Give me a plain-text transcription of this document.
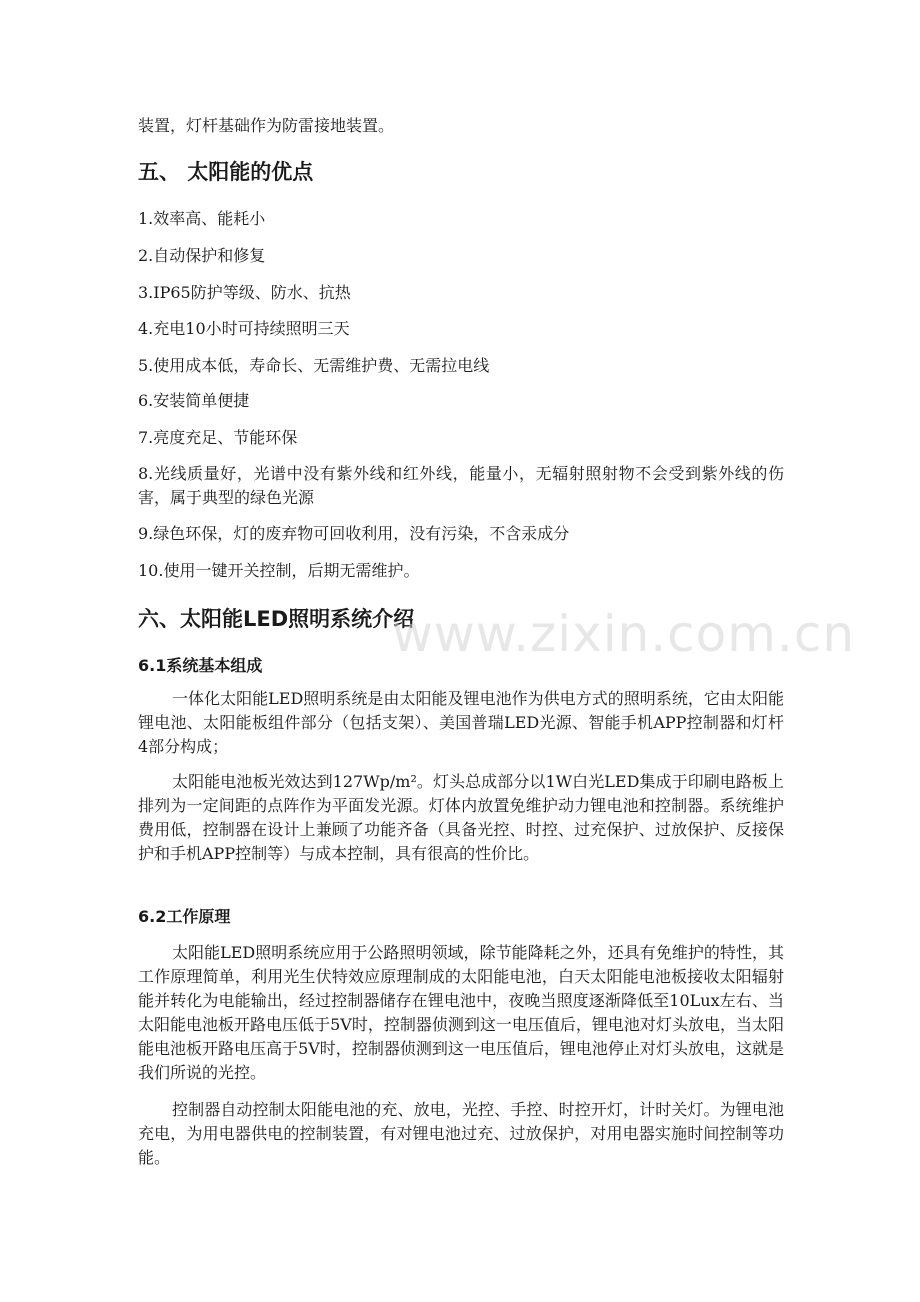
装置，灯杆基础作为防雷接地装置。
五、 太阳能的优点
1.效率高、能耗小
2.自动保护和修复
3.IP65防护等级、防水、抗热
4.充电10小时可持续照明三天
5.使用成本低，寿命长、无需维护费、无需拉电线
6.安装简单便捷
7.亮度充足、节能环保
8.光线质量好，光谱中没有紫外线和红外线，能量小，无辐射照射物不会受到紫外线的伤害，属于典型的绿色光源
9.绿色环保，灯的废弃物可回收利用，没有污染，不含汞成分
10.使用一键开关控制，后期无需维护。
六、太阳能LED照明系统介绍
6.1系统基本组成
一体化太阳能LED照明系统是由太阳能及锂电池作为供电方式的照明系统，它由太阳能锂电池、太阳能板组件部分（包括支架）、美国普瑞LED光源、智能手机APP控制器和灯杆4部分构成；
太阳能电池板光效达到127Wp/m²。灯头总成部分以1W白光LED集成于印刷电路板上排列为一定间距的点阵作为平面发光源。灯体内放置免维护动力锂电池和控制器。系统维护费用低，控制器在设计上兼顾了功能齐备（具备光控、时控、过充保护、过放保护、反接保护和手机APP控制等）与成本控制，具有很高的性价比。
6.2工作原理
太阳能LED照明系统应用于公路照明领域，除节能降耗之外，还具有免维护的特性，其工作原理简单，利用光生伏特效应原理制成的太阳能电池，白天太阳能电池板接收太阳辐射能并转化为电能输出，经过控制器储存在锂电池中，夜晚当照度逐渐降低至10Lux左右、当太阳能电池板开路电压低于5V时，控制器侦测到这一电压值后，锂电池对灯头放电，当太阳能电池板开路电压高于5V时，控制器侦测到这一电压值后，锂电池停止对灯头放电，这就是我们所说的光控。
控制器自动控制太阳能电池的充、放电，光控、手控、时控开灯，计时关灯。为锂电池充电，为用电器供电的控制装置，有对锂电池过充、过放保护，对用电器实施时间控制等功能。
www.zixin.com.cn
